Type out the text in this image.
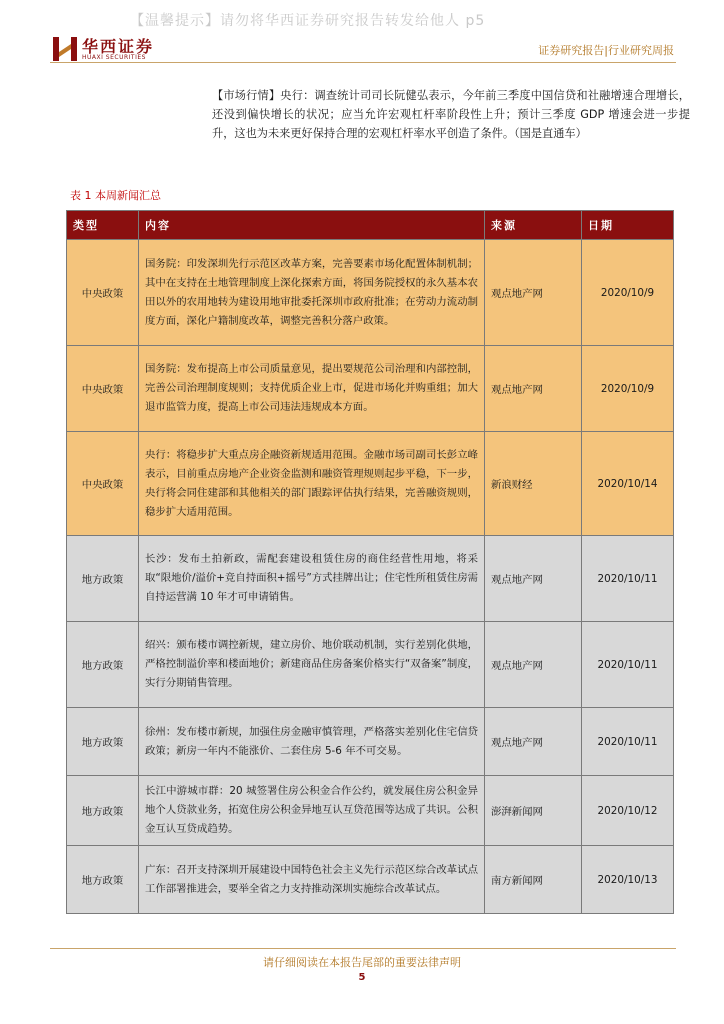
【温馨提示】请勿将华西证券研究报告转发给他人 p5
华西证券
HUAXI SECURITIES
证券研究报告|行业研究周报
【市场行情】央行：调查统计司司长阮健弘表示，今年前三季度中国信贷和社融增速合理增长，还没到偏快增长的状况；应当允许宏观杠杆率阶段性上升；预计三季度 GDP 增速会进一步提升，这也为未来更好保持合理的宏观杠杆率水平创造了条件。（国是直通车）
表 1 本周新闻汇总
类型	内容	来源	日期
中央政策	国务院：印发深圳先行示范区改革方案，完善要素市场化配置体制机制；其中在支持在土地管理制度上深化探索方面，将国务院授权的永久基本农田以外的农用地转为建设用地审批委托深圳市政府批准；在劳动力流动制度方面，深化户籍制度改革，调整完善积分落户政策。	观点地产网	2020/10/9
中央政策	国务院：发布提高上市公司质量意见，提出要规范公司治理和内部控制，完善公司治理制度规则；支持优质企业上市，促进市场化并购重组；加大退市监管力度，提高上市公司违法违规成本方面。	观点地产网	2020/10/9
中央政策	央行：将稳步扩大重点房企融资新规适用范围。金融市场司副司长彭立峰表示，目前重点房地产企业资金监测和融资管理规则起步平稳，下一步，央行将会同住建部和其他相关的部门跟踪评估执行结果，完善融资规则，稳步扩大适用范围。	新浪财经	2020/10/14
地方政策	长沙：发布土拍新政，需配套建设租赁住房的商住经营性用地，将采取“限地价/溢价+竞自持面积+摇号”方式挂牌出让；住宅性所租赁住房需自持运营满 10 年才可申请销售。	观点地产网	2020/10/11
地方政策	绍兴：颁布楼市调控新规，建立房价、地价联动机制，实行差别化供地，严格控制溢价率和楼面地价；新建商品住房备案价格实行“双备案”制度，实行分期销售管理。	观点地产网	2020/10/11
地方政策	徐州：发布楼市新规，加强住房金融审慎管理，严格落实差别化住宅信贷政策；新房一年内不能涨价、二套住房 5-6 年不可交易。	观点地产网	2020/10/11
地方政策	长江中游城市群：20 城签署住房公积金合作公约，就发展住房公积金异地个人贷款业务，拓宽住房公积金异地互认互贷范围等达成了共识。公积金互认互贷成趋势。	澎湃新闻网	2020/10/12
地方政策	广东：召开支持深圳开展建设中国特色社会主义先行示范区综合改革试点工作部署推进会，要举全省之力支持推动深圳实施综合改革试点。	南方新闻网	2020/10/13
请仔细阅读在本报告尾部的重要法律声明
5
